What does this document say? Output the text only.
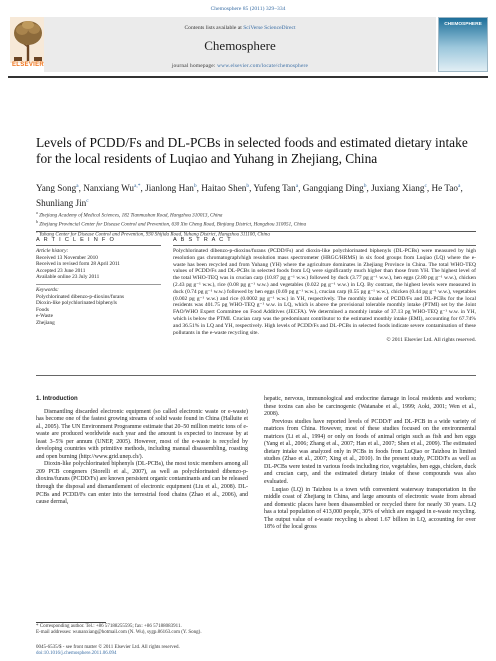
Chemosphere 85 (2011) 329–334
ELSEVIER
Contents lists available at SciVerse ScienceDirect
Chemosphere
journal homepage: www.elsevier.com/locate/chemosphere
CHEMOSPHERE
Levels of PCDD/Fs and DL-PCBs in selected foods and estimated dietary intake for the local residents of Luqiao and Yuhang in Zhejiang, China
Yang Song$^a$, Nanxiang $Wu^{a,*}$, Jianlong Han$^b$, Haitao Shen$^b$, Yufeng Tan$^a$, Gangqiang Ding$^b$, Juxiang Xiang$^c$, He Tao$^a$, Shunliang Jin$^c$
$^a$ Zhejiang Academy of Medical Sciences, 182 Tianmushan Road, Hangzhou 310013, China
$^b$ Zhejiang Provincial Center for Disease Control and Prevention, 630 Xin Cheng Road, Binjiang District, Hangzhou 310051, China
Yuhang Center for Disease Control and Prevention, 930 Shijida Road, Yuhang District, Hangzhou 311100, China
A R T I C L E I N F O	A B S T R A C T
Article history:
Received 13 November 2010
Received in revised form 28 April 2011
Accepted 23 June 2011
Available online 23 July 2011
Keywords:
Polychlorinated dibenzo-p-dioxins/furans
Dioxin-like polychlorinated biphenyls
Foods
e-Waste
Zhejiang
Polychlorinated dibenzo-p-dioxins/furans (PCDD/Fs) and dioxin-like polychlorinated biphenyls (DL-PCBs) were measured by high resolution gas chromatograph/high resolution mass spectrometer (HRGC/HRMS) in six food groups from Luqiao (LQ) where the e-waste has been recycled and from Yuhang (YH) where the agriculture dominates in Zhejiang Province in China. The total WHO-TEQ values of PCDD/Fs and DL-PCBs in selected foods from LQ were significantly much higher than those from YH. The highest level of the total WHO-TEQ was in crucian carp (10.87 pg g⁻¹ w.w.) followed by duck (3.77 pg g⁻¹ w.w.), hen eggs (2.80 pg g⁻¹ w.w.), chicken (2.43 pg g⁻¹ w.w.), rice (0.08 pg g⁻¹ w.w.) and vegetables (0.022 pg g⁻¹ w.w.) in LQ. By contrast, the highest levels were measured in duck (0.74 pg g⁻¹ w.w.) followed by hen eggs (0.69 pg g⁻¹ w.w.), crucian carp (0.55 pg g⁻¹ w.w.), chicken (0.44 pg g⁻¹ w.w.), vegetables (0.002 pg g⁻¹ w.w.) and rice (0.0002 pg g⁻¹ w.w.) in YH, respectively. The monthly intake of PCDD/Fs and DL-PCBs for the local residents was 401.75 pg WHO-TEQ g⁻¹ w.w. in LQ, which is above the provisional tolerable monthly intake (PTMI) set by the Joint FAO/WHO Expert Committee on Food Additives (JECFA). We determined a monthly intake of 37.13 pg WHO-TEQ g⁻¹ w.w. in YH, which is below the PTMI. Crucian carp was the predominant contributor to the estimated monthly intake (EMI), accounting for 67.74% and 36.51% in LQ and YH, respectively. High levels of PCDD/Fs and DL-PCBs in selected foods indicate severe contamination of these pollutants in the e-waste recycling site.
© 2011 Elsevier Ltd. All rights reserved.
1. Introduction

Dismantling discarded electronic equipment (so called electronic waste or e-waste) has become one of the fastest growing streams of solid waste found in China (Halluite et al., 2005). The UN Environment Programme estimate that 20–50 million metric tons of e-waste are produced worldwide each year and the amount is expected to increase by at least 3–5% per annum (UNEP, 2005). However, most of the e-waste is recycled by developing countries with primitive methods, including manual disassembling, roasting and open burning (http://www.grid.unep.ch/).

Dioxin-like polychlorinated biphenyls (DL-PCBs), the most toxic members among all 209 PCB congeners (Storelli et al., 2007), as well as polychlorinated dibenzo-p-dioxins/furans (PCDD/Fs) are known persistent organic contaminants and can be released through the disposal and dismantlement of electronic equipment (Liu et al., 2008). DL-PCBs and PCDD/Fs can enter into the terrestrial food chains (Zhao et al., 2006), and cause dermal,

hepatic, nervous, immunological and endocrine damage in local residents and workers; these toxins can also be carcinogenic (Watanabe et al., 1999; Aoki, 2001; Wen et al., 2008).

Previous studies have reported levels of PCDD/F and DL-PCB in a wide variety of matrices from China. However, most of these studies focused on the environmental matrices (Li et al., 1994) or only on foods of animal origin such as fish and hen eggs (Yang et al., 2006; Zhang et al., 2007; Han et al., 2007; Shen et al., 2009). The estimated dietary intake was analyzed only in PCBs in foods from LuQiao or Taizhou in limited studies (Zhao et al., 2007; Xing et al., 2010). In the present study, PCDD/Fs as well as DL-PCBs were tested in various foods including rice, vegetables, hen eggs, chicken, duck and crucian carp, and the estimated dietary intake of these compounds was also evaluated.

Luqiao (LQ) in Taizhou is a town with convenient waterway transportation in the middle coast of Zhejiang in China, and large amounts of electronic waste from abroad and domestic places have been disassembled or recycled there for nearly 30 years. LQ has a total population of 413,000 people, 30% of which are engaged in e-waste recycling. The output value of e-waste recycling is about 1.67 billion in LQ, accounting for over 18% of the local gross

* Corresponding author. Tel.: +86 57188255595; fax: +86 57188083911.
E-mail addresses: wunanxiang@hotmail.com (N. Wu), sygp.86163.com (Y. Song).
0045-6535/$ - see front matter © 2011 Elsevier Ltd. All rights reserved.
doi:10.1016/j.chemosphere.2011.06.094
